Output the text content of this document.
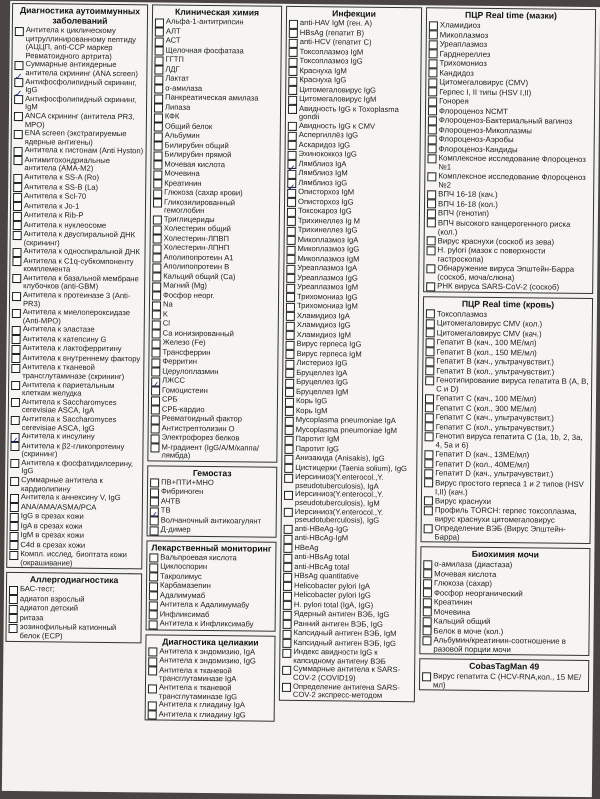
Диагностика аутоиммунных заболеваний
Антитела к циклическому цитруллинированному пептиду (АЦЦП, anti-CCP маркер Ревматоидного артрита)
Суммарные антиядерные антитела скрининг (ANA screen)
✓
Антифосфолипидный скрининг, IgG
✓
Антифосфолипидный скрининг, IgM
ANCA скрининг (антитела PR3, MPO)
ENA screen (экстрагируемые ядерные антигены)
Антитела к гистонам (Anti Hyston)
Антимитохондриальные антитела (AMA-M2)
Антитела к SS-A (Ro)
Антитела к SS-B (La)
Антитела к Scl-70
Антитела к Jo-1
Антитела к Rib-P
Антитела к нуклеосоме
Антитела к двуспиральной ДНК (скрининг)
Антитела к односпиральной ДНК
Антитела к C1q-субкомпоненту комплемента
Антитела к базальной мембране клубочков (anti-GBM)
Антитела к протеиназе 3 (Anti-PR3)
Антитела к миелопероксидазе (Anti-MPO)
Антитела к эластазе
Антитела к катепсину G
Антитела к лактоферритину
Антитела к внутреннему фактору
Антитела к тканевой трансглутаминазе (скрининг)
Антитела к париетальным клеткам желудка
Антитела к Saccharomyces cerevisiae ASCA, IgA
Антитела к Saccharomyces cerevisiae ASCA, IgG
Антитела к инсулину
✓
Антитела к β2-гликопротеину (скрининг)
Антитела к фосфатидилсерину, IgG
Суммарные антитела к кардиолипину
Антитела к аннексину V, IgG
ANA/AMA/ASMA/PCA
IgG в срезах кожи
IgA в срезах кожи
IgM в срезах кожи
C4d в срезах кожи
Компл. исслед. биоптата кожи (окрашивание)
Аллергодиагностика
БАС-тест;
адиатоп взрослый
адиатоп детский
ритаза
эозинофильный катионный белок (ECP)
Клиническая химия
Альфа-1-антитрипсин
АЛТ
АСТ
Щелочная фосфатаза
ГГТП
ЛДГ
Лактат
α-амилаза
Панкреатическая амилаза
Липаза
КФК
Общий белок
Альбумин
Билирубин общий
Билирубин прямой
Мочевая кислота
Мочевина
Креатинин
Глюкоза (сахар крови)
Гликозилированный гемоглобин
Триглицериды
Холестерин общий
Холестерин-ЛПВП
Холестерин-ЛПНП
Аполипопротеин А1
Аполипопротеин В
Кальций общий (Ca)
Магний (Mg)
Фосфор неорг.
Na
K
Cl
Са ионизированный
Железо (Fe)
Трансферрин
Ферритин
Церулоплазмин
ЛЖСС
✓
Гомоцистеин
СРБ
СРБ-кардио
Ревматоидный фактор
Антистрептолизин О
Электрофорез белков
М-градиент (IgG/A/M/каппа/лямбда)
Гемостаз
ПВ+ПТИ+МНО
Фибриноген
АЧТВ
ТВ
✓
Волчаночный антикоагулянт
Д-димер
Лекарственный мониторинг
Вальпроевая кислота
Циклоспорин
Такролимус
Карбамазепин
Адалимумаб
Антитела к Адалимумабу
Инфликсимаб
Антитела к Инфликсимабу
Диагностика целиакии
Антитела к эндомизию, IgA
Антитела к эндомизию, IgG
Антитела к тканевой трансглутаминазе IgA
Антитела к тканевой трансглутаминазе IgG
Антитела к глиадину IgA
Антитела к глиадину IgG
Инфекции
anti-HAV IgM (ген. A)
HBsAg (гепатит B)
anti-HCV (гепатит C)
Токсоплазмоз IgM
Токсоплазмоз IgG
Краснуха IgM
Краснуха IgG
Цитомегаловирус IgG
Цитомегаловирус IgM
Авидность IgG к Toxoplasma gondii
Авидность IgG к CMV
Аспергиллёз IgG
Аскаридоз IgG
Эхинококкоз IgG
Лямблиоз IgA
✓
Лямблиоз IgM
Лямблиоз IgG
✓
Описторхоз IgM
Описторхоз IgG
Токсокароз IgG
Трихинеллез Ig M
Трихинеллез IgG
Микоплазмоз IgA
Микоплазмоз IgG
Микоплазмоз IgM
Уреаплазмоз IgA
Уреаплазмоз IgG
Уреаплазмоз IgM
Трихомониаз IgG
Трихомониаз IgM
Хламидиоз IgA
Хламидиоз IgG
Хламидиоз IgM
Вирус герпеса IgG
Вирус герпеса IgM
Листериоз IgG
Бруцеллез IgA
Бруцеллез IgG
Бруцеллез IgM
Корь IgG
Корь IgM
Mycoplasma pneumoniae IgA
Mycoplasma pneumoniae IgM
Паротит IgM
Паротит IgG
Анизакида (Anisakis), IgG
Цистицерки (Taenia solium), IgG
Иерсиниоз(Y.enterocol.,Y. pseudotuberculosis), IgA
Иерсиниоз(Y.enterocol.,Y. pseudotuberculosis), IgM
Иерсиниоз(Y.enterocol.,Y. pseudotuberculosis), IgG
anti-HBeAg-IgG
anti-HBcAg-IgM
HBeAg
anti-HBsAg total
anti-HBcAg total
HBsAg quantitative
Helicobacter pylori IgA
Helicobacter pylori IgG
H. pylori total (IgA, IgG)
Ядерный антиген ВЭБ, IgG
Ранний антиген ВЭБ, IgG
Капсидный антиген ВЭБ, IgM
Капсидный антиген ВЭБ, IgG
Индекс авидности IgG к капсидному антигену ВЭБ
Суммарные антитела к SARS-COV-2 (COVID19)
Определение антигена SARS-COV-2 экспресс-методом
ПЦР Real time (мазки)
Хламидиоз
Микоплазмоз
Уреаплазмоз
Гарднереллез
Трихомониоз
Кандидоз
Цитомегаловирус (CMV)
Герпес I, II типы (HSV I,II)
Гонорея
Флороценоз NCMT
Флороценоз-Бактериальный вагиноз
Флороценоз-Микоплазмы
Флороценоз-Аэробы
Флороценоз-Кандиды
Комплексное исследование Флороценоз №1
Комплексное исследование Флороценоз №2
ВПЧ 16-18 (кач.)
ВПЧ 16-18 (кол.)
ВПЧ (генотип)
ВПЧ высокого канцерогенного риска (кол.)
Вирус краснухи (соскоб из зева)
H. pylori (мазок с поверхности гастроскопа)
Обнаружение вируса Эпштейн-Барра (соскоб, моча/слюна)
РНК вируса SARS-CoV-2 (соскоб)
ПЦР Real time (кровь)
Токсоплазмоз
Цитомегаловирус CMV (кол.)
Цитомегаловирус CMV (кач.)
Гепатит В (кач., 100 МЕ/мл)
Гепатит В (кол., 150 МЕ/мл)
Гепатит В (кач., ультрачувствит.)
Гепатит В (кол., ультрачувствит.)
Генотипирование вируса гепатита В (A, B, C и D)
Гепатит С (кач., 100 МЕ/мл)
Гепатит С (кол., 300 МЕ/мл)
Гепатит С (кач., ультрачувствит.)
Гепатит С (кол., ультрачувствит.)
Генотип вируса гепатита С (1a, 1b, 2, 3a, 4, 5a и 6)
Гепатит D (кач., 13МЕ/мл)
Гепатит D (кол., 40МЕ/мл)
Гепатит D (кач., ультрачувствит.)
Вирус простого герпеса 1 и 2 типов (HSV I,II) (кач.)
Вирус краснухи
Профиль TORCH: герпес токсоплазма, вирус краснухи цитомегаловирус
Определение ВЭБ (Вирус Эпштейн-Барра)
Биохимия мочи
α-амилаза (диастаза)
Мочевая кислота
Глюкоза (сахар)
Фосфор неорганический
Креатинин
Мочевина
Кальций общий
Белок в моче (кол.)
Альбумин/креатинин-соотношение в разовой порции мочи
CobasTagMan 49
Вирус гепатита С (HCV-RNA,кол., 15 МЕ/мл)
